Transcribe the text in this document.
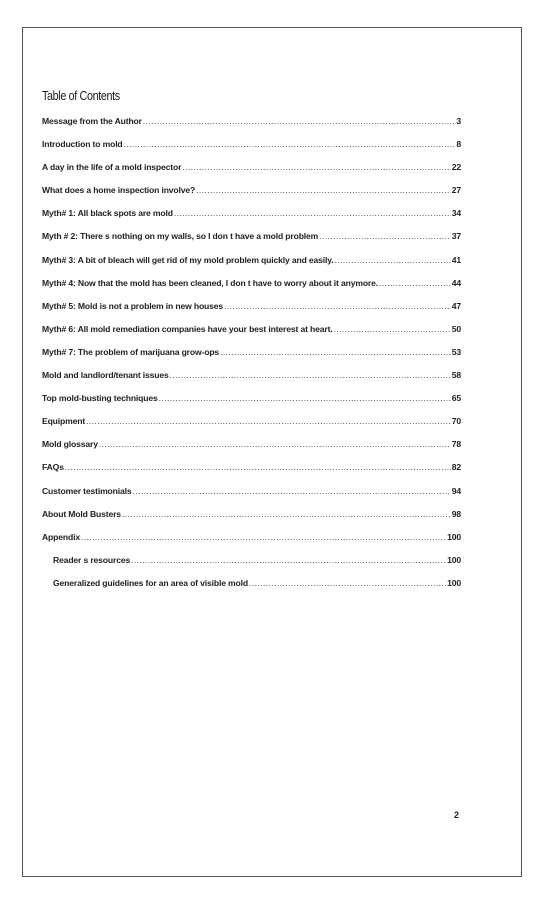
Table of Contents
Message from the Author .....	3
Introduction to mold .....	8
A day in the life of a mold inspector .....	22
What does a home inspection involve? .....	27
Myth# 1: All black spots are mold .....	34
Myth # 2: There s nothing on my walls, so I don t have a mold problem .....	37
Myth# 3: A bit of bleach will get rid of my mold problem quickly and easily. .....	41
Myth# 4: Now that the mold has been cleaned, I don t have to worry about it anymore. .....	44
Myth# 5: Mold is not a problem in new houses .....	47
Myth# 6: All mold remediation companies have your best interest at heart. .....	50
Myth# 7: The problem of marijuana grow-ops .....	53
Mold and landlord/tenant issues .....	58
Top mold-busting techniques .....	65
Equipment .....	70
Mold glossary .....	78
FAQs .....	82
Customer testimonials .....	94
About Mold Busters .....	98
Appendix .....	100
Reader s resources .....	100
Generalized guidelines for an area of visible mold .....	100
2
